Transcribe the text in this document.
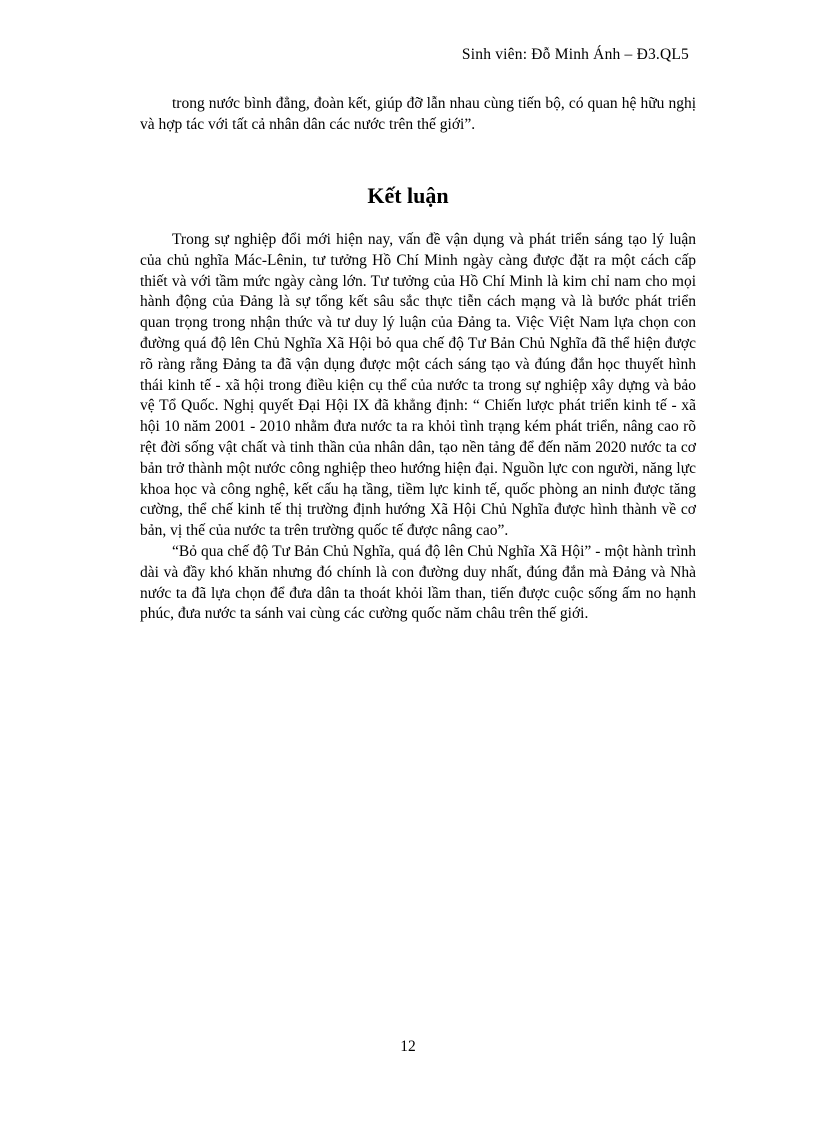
Sinh viên: Đỗ Minh Ánh – Đ3.QL5

trong nước bình đẳng, đoàn kết, giúp đỡ lẫn nhau cùng tiến bộ, có quan hệ hữu nghị và hợp tác với tất cả nhân dân các nước trên thế giới”.

Kết luận

Trong sự nghiệp đổi mới hiện nay, vấn đề vận dụng và phát triển sáng tạo lý luận của chủ nghĩa Mác-Lênin, tư tưởng Hồ Chí Minh ngày càng được đặt ra một cách cấp thiết và với tầm mức ngày càng lớn. Tư tưởng của Hồ Chí Minh là kim chỉ nam cho mọi hành động của Đảng là sự tổng kết sâu sắc thực tiễn cách mạng và là bước phát triển quan trọng trong nhận thức và tư duy lý luận của Đảng ta. Việc Việt Nam lựa chọn con đường quá độ lên Chủ Nghĩa Xã Hội bỏ qua chế độ Tư Bản Chủ Nghĩa đã thể hiện được rõ ràng rằng Đảng ta đã vận dụng được một cách sáng tạo và đúng đắn học thuyết hình thái kinh tế - xã hội trong điều kiện cụ thể của nước ta trong sự nghiệp xây dựng và bảo vệ Tổ Quốc. Nghị quyết Đại Hội IX đã khẳng định: “ Chiến lược phát triển kinh tế - xã hội 10 năm 2001 - 2010 nhằm đưa nước ta ra khỏi tình trạng kém phát triển, nâng cao rõ rệt đời sống vật chất và tinh thần của nhân dân, tạo nền tảng để đến năm 2020 nước ta cơ bản trở thành một nước công nghiệp theo hướng hiện đại. Nguồn lực con người, năng lực khoa học và công nghệ, kết cấu hạ tầng, tiềm lực kinh tế, quốc phòng an ninh được tăng cường, thể chế kinh tế thị trường định hướng Xã Hội Chủ Nghĩa được hình thành về cơ bản, vị thế của nước ta trên trường quốc tế được nâng cao”.

“Bỏ qua chế độ Tư Bản Chủ Nghĩa, quá độ lên Chủ Nghĩa Xã Hội” - một hành trình dài và đầy khó khăn nhưng đó chính là con đường duy nhất, đúng đắn mà Đảng và Nhà nước ta đã lựa chọn để đưa dân ta thoát khỏi lầm than, tiến được cuộc sống ấm no hạnh phúc, đưa nước ta sánh vai cùng các cường quốc năm châu trên thế giới.

12
